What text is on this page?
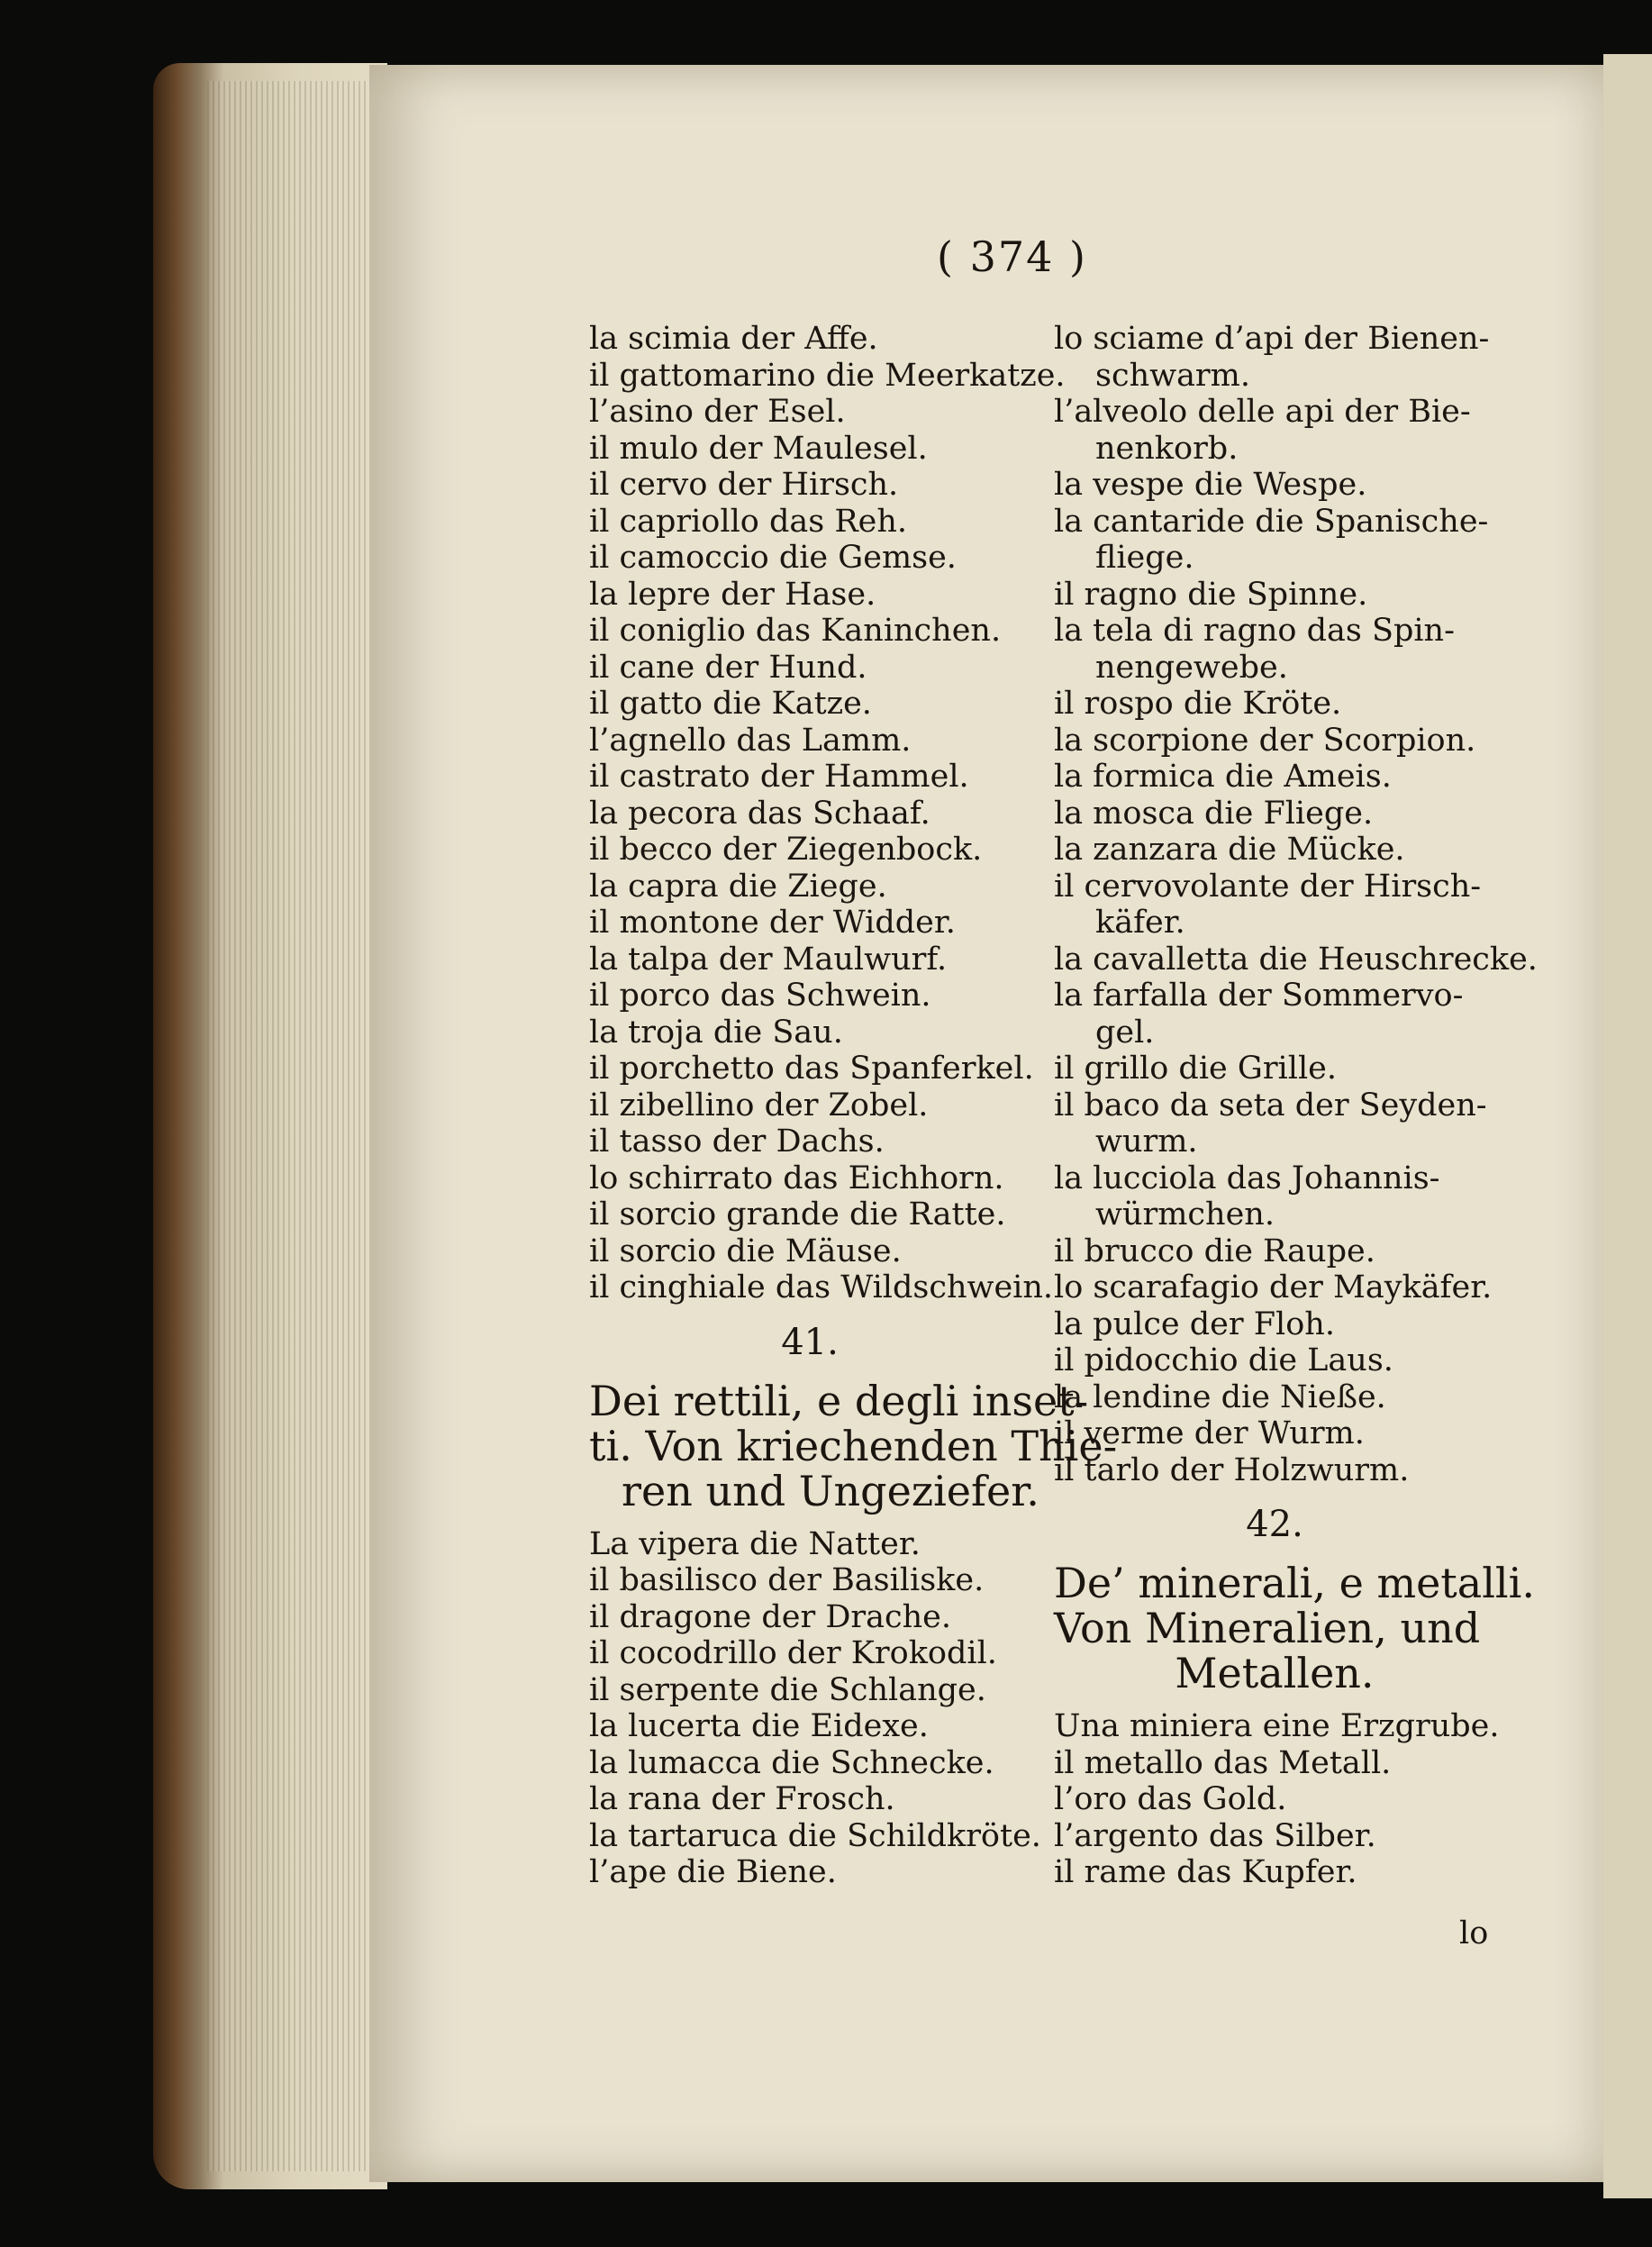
( 374 )
la scimia der Affe.
il gattomarino die Meerkatze.
l’asino der Esel.
il mulo der Maulesel.
il cervo der Hirsch.
il capriollo das Reh.
il camoccio die Gemse.
la lepre der Hase.
il coniglio das Kaninchen.
il cane der Hund.
il gatto die Katze.
l’agnello das Lamm.
il castrato der Hammel.
la pecora das Schaaf.
il becco der Ziegenbock.
la capra die Ziege.
il montone der Widder.
la talpa der Maulwurf.
il porco das Schwein.
la troja die Sau.
il porchetto das Spanferkel.
il zibellino der Zobel.
il tasso der Dachs.
lo schirrato das Eichhorn.
il sorcio grande die Ratte.
il sorcio die Mäuse.
il cinghiale das Wildschwein.
41.
Dei rettili, e degli inset-
ti. Von kriechenden Thie-
ren und Ungeziefer.
La vipera die Natter.
il basilisco der Basiliske.
il dragone der Drache.
il cocodrillo der Krokodil.
il serpente die Schlange.
la lucerta die Eidexe.
la lumacca die Schnecke.
la rana der Frosch.
la tartaruca die Schildkröte.
l’ape die Biene.
lo sciame d’api der Bienen-
schwarm.
l’alveolo delle api der Bie-
nenkorb.
la vespe die Wespe.
la cantaride die Spanische-
fliege.
il ragno die Spinne.
la tela di ragno das Spin-
nengewebe.
il rospo die Kröte.
la scorpione der Scorpion.
la formica die Ameis.
la mosca die Fliege.
la zanzara die Mücke.
il cervovolante der Hirsch-
käfer.
la cavalletta die Heuschrecke.
la farfalla der Sommervo-
gel.
il grillo die Grille.
il baco da seta der Seyden-
wurm.
la lucciola das Johannis-
würmchen.
il brucco die Raupe.
lo scarafagio der Maykäfer.
la pulce der Floh.
il pidocchio die Laus.
la lendine die Nieße.
il verme der Wurm.
il tarlo der Holzwurm.
42.
De’ minerali, e metalli.
Von Mineralien, und
Metallen.
Una miniera eine Erzgrube.
il metallo das Metall.
l’oro das Gold.
l’argento das Silber.
il rame das Kupfer.
lo
